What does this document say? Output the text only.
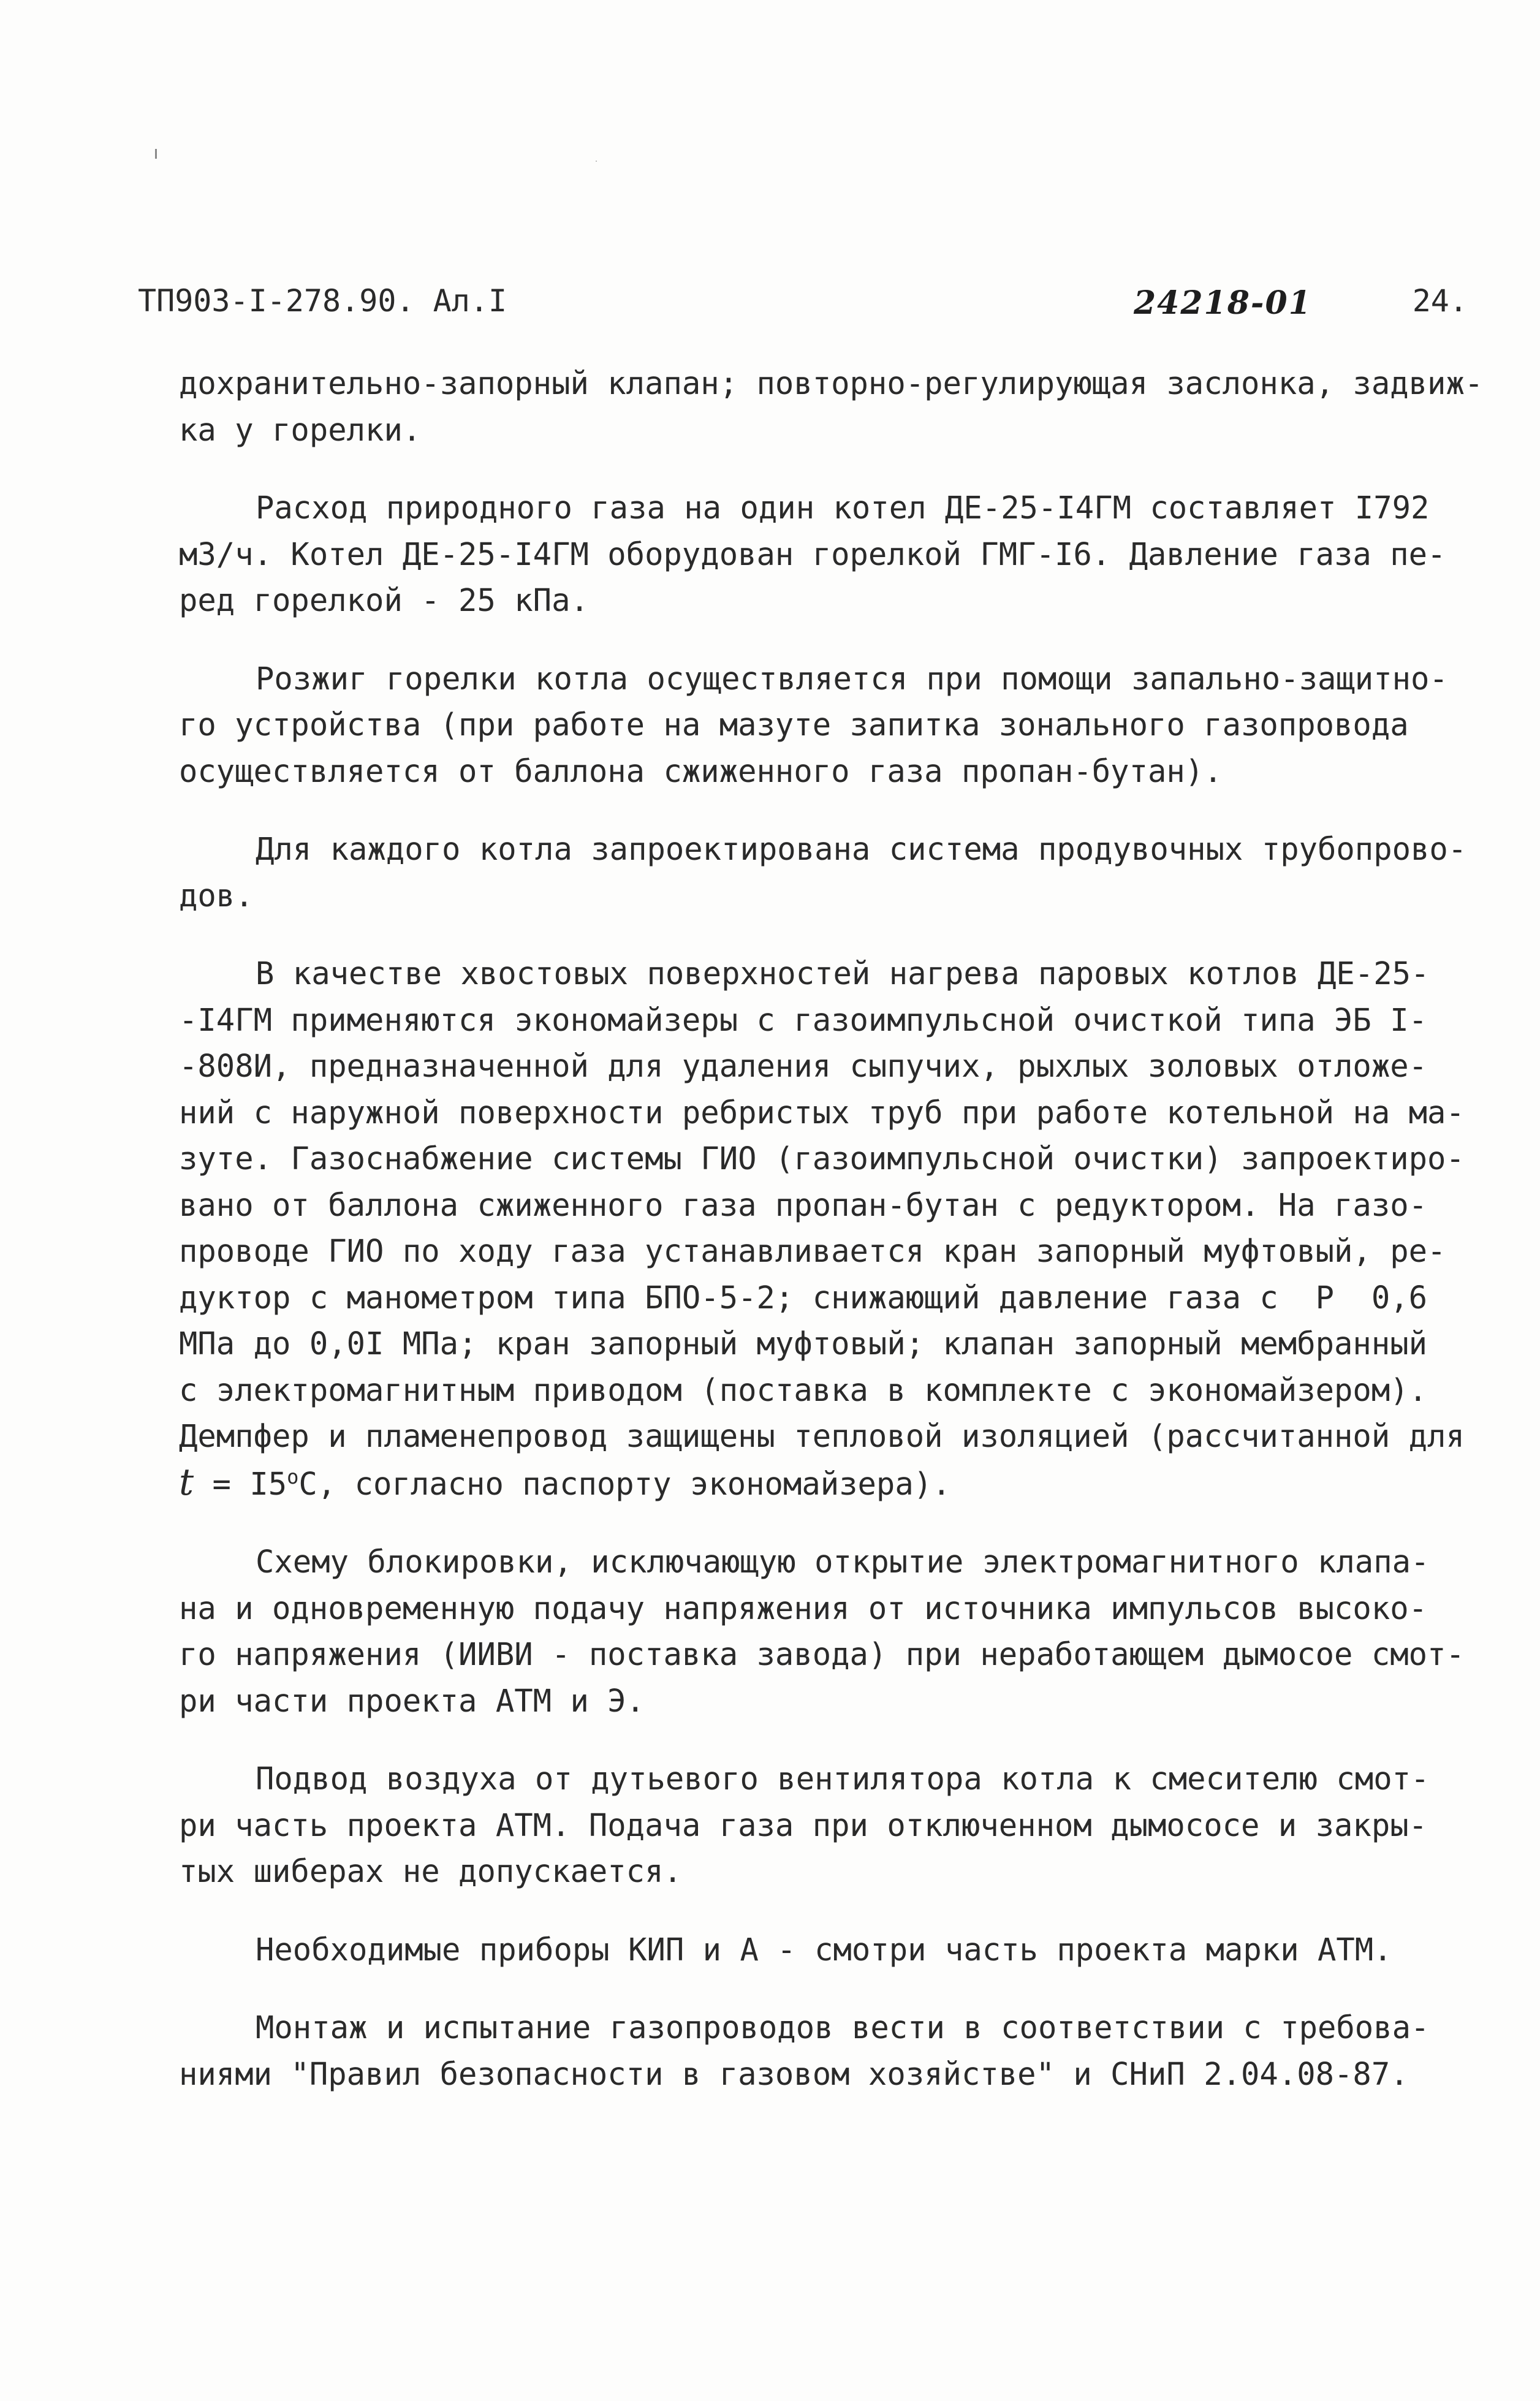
ТП903-I-278.90. Ал.I	24218-01	24.
дохранительно-запорный клапан; повторно-регулирующая заслонка, задвиж-
ка у горелки.
Расход природного газа на один котел ДЕ-25-I4ГМ составляет I792
м3/ч. Котел ДЕ-25-I4ГМ оборудован горелкой ГМГ-I6. Давление газа пе-
ред горелкой - 25 кПа.
Розжиг горелки котла осуществляется при помощи запально-защитно-
го устройства (при работе на мазуте запитка зонального газопровода
осуществляется от баллона сжиженного газа пропан-бутан).
Для каждого котла запроектирована система продувочных трубопрово-
дов.
В качестве хвостовых поверхностей нагрева паровых котлов ДЕ-25-
-I4ГМ применяются экономайзеры с газоимпульсной очисткой типа ЭБ I-
-808И, предназначенной для удаления сыпучих, рыхлых золовых отложе-
ний с наружной поверхности ребристых труб при работе котельной на ма-
зуте. Газоснабжение системы ГИО (газоимпульсной очистки) запроектиро-
вано от баллона сжиженного газа пропан-бутан с редуктором. На газо-
проводе ГИО по ходу газа устанавливается кран запорный муфтовый, ре-
дуктор с манометром типа БПО-5-2; снижающий давление газа с  Р  0,6
МПа до 0,0I МПа; кран запорный муфтовый; клапан запорный мембранный
с электромагнитным приводом (поставка в комплекте с экономайзером).
Демпфер и пламенепровод защищены тепловой изоляцией (рассчитанной для
$t = I5^оС$, согласно паспорту экономайзера).
Схему блокировки, исключающую открытие электромагнитного клапа-
на и одновременную подачу напряжения от источника импульсов высоко-
го напряжения (ИИВИ - поставка завода) при неработающем дымосое смот-
ри части проекта АТМ и Э.
Подвод воздуха от дутьевого вентилятора котла к смесителю смот-
ри часть проекта АТМ. Подача газа при отключенном дымососе и закры-
тых шиберах не допускается.
Необходимые приборы КИП и А - смотри часть проекта марки АТМ.
Монтаж и испытание газопроводов вести в соответствии с требова-
ниями "Правил безопасности в газовом хозяйстве" и СНиП 2.04.08-87.
